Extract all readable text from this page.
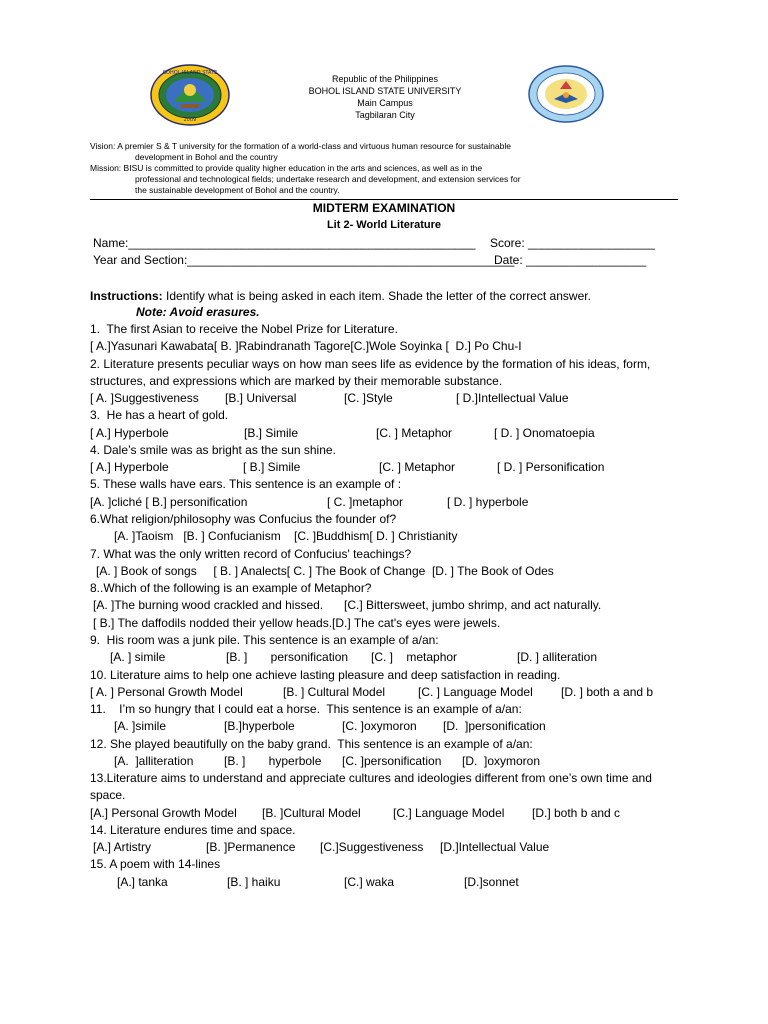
BOHOL ISLAND STATE
2009
Republic of the Philippines
BOHOL ISLAND STATE UNIVERSITY
Main Campus
Tagbilaran City
Vision: A premier S & T university for the formation of a world-class and virtuous human resource for sustainable
development in Bohol and the country
Mission: BISU is committed to provide quality higher education in the arts and sciences, as well as in the
professional and technological fields; undertake research and development, and extension services for
the sustainable development of Bohol and the country.
MIDTERM EXAMINATION
Lit 2- World Literature
Name:____________________________________________________ Score: ___________________
Year and Section:_________________________________________________
Date: __________________
Instructions: Identify what is being asked in each item. Shade the letter of the correct answer.
Note: Avoid erasures.
1.  The first Asian to receive the Nobel Prize for Literature.
[ A.]Yasunari Kawabata[ B. ]Rabindranath Tagore[C.]Wole Soyinka [  D.] Po Chu-I
2. Literature presents peculiar ways on how man sees life as evidence by the formation of his ideas, form,
structures, and expressions which are marked by their memorable substance.
[ A. ]Suggestiveness [B.] Universal	[C. ]Style	[ D.]Intellectual Value
3.  He has a heart of gold.
[ A.] Hyperbole	[B.] Simile	[C. ] Metaphor	[ D. ] Onomatoepia
4. Dale’s smile was as bright as the sun shine.
[ A.] Hyperbole	[ B.] Simile	[C. ] Metaphor	[ D. ] Personification
5. These walls have ears. This sentence is an example of :
[A. ]cliché [ B.] personification	[ C. ]metaphor	[ D. ] hyperbole
6.What religion/philosophy was Confucius the founder of?
[A. ]Taoism   [B. ] Confucianism    [C. ]Buddhism[ D. ] Christianity
7. What was the only written record of Confucius' teachings?
[A. ] Book of songs     [ B. ] Analects[ C. ] The Book of Change  [D. ] The Book of Odes
8..Which of the following is an example of Metaphor?
[A. ]The burning wood crackled and hissed. [C.] Bittersweet, jumbo shrimp, and act naturally.
[ B.] The daffodils nodded their yellow heads.[D.] The cat's eyes were jewels.
9.  His room was a junk pile. This sentence is an example of a/an:
[A. ] simile	[B. ]       personification [C. ]    metaphor	[D. ] alliteration
10. Literature aims to help one achieve lasting pleasure and deep satisfaction in reading.
[ A. ] Personal Growth Model	[B. ] Cultural Model	[C. ] Language Model [D. ] both a and b
11.    I’m so hungry that I could eat a horse.  This sentence is an example of a/an:
[A. ]simile	[B.]hyperbole	[C. ]oxymoron [D.  ]personification
12. She played beautifully on the baby grand.  This sentence is an example of a/an:
[A.  ]alliteration	[B. ]       hyperbole [C. ]personification [D.  ]oxymoron
13.Literature aims to understand and appreciate cultures and ideologies different from one’s own time and
space.
[A.] Personal Growth Model [B. ]Cultural Model	[C.] Language Model [D.] both b and c
14. Literature endures time and space.
[A.] Artistry	[B. ]Permanence [C.]Suggestiveness [D.]Intellectual Value
15. A poem with 14-lines
[A.] tanka	[B. ] haiku	[C.] waka	[D.]sonnet
